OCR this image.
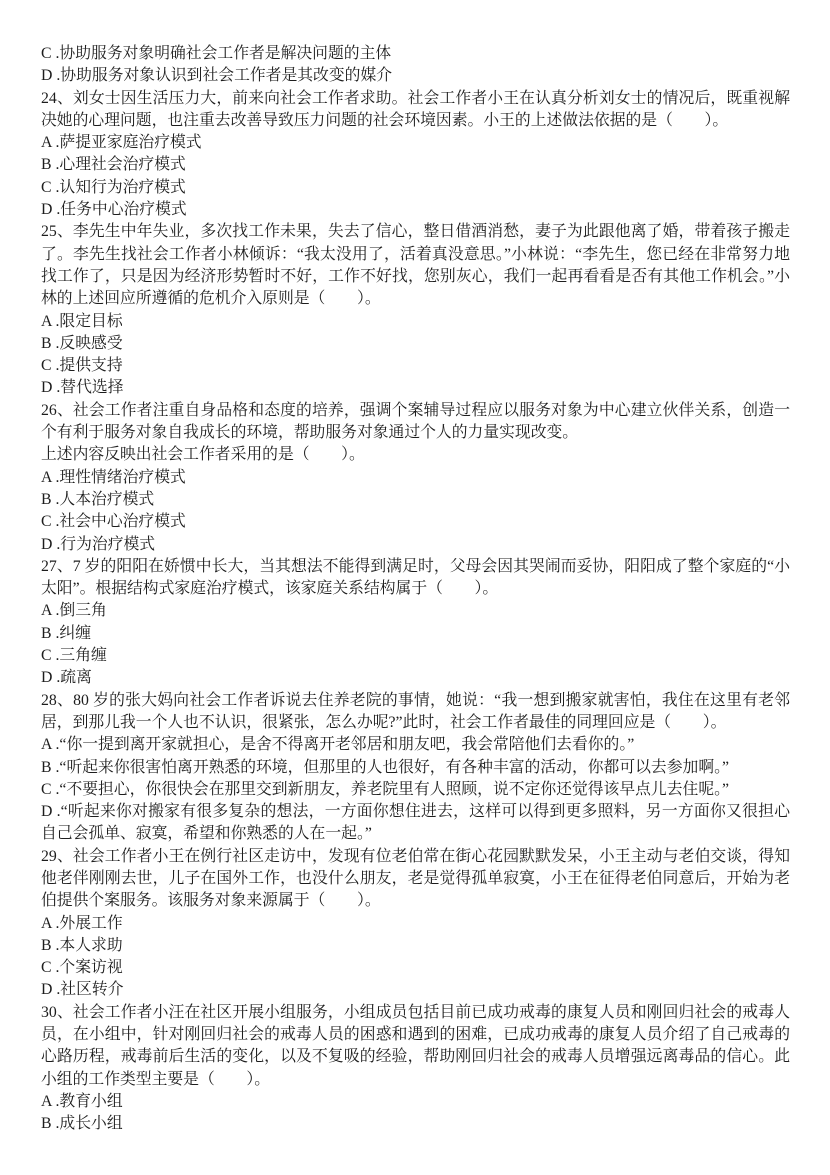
C .协助服务对象明确社会工作者是解决问题的主体

D .协助服务对象认识到社会工作者是其改变的媒介

24、刘女士因生活压力大，前来向社会工作者求助。社会工作者小王在认真分析刘女士的情况后，既重视解决她的心理问题，也注重去改善导致压力问题的社会环境因素。小王的上述做法依据的是（　　）。

A .萨提亚家庭治疗模式

B .心理社会治疗模式

C .认知行为治疗模式

D .任务中心治疗模式

25、李先生中年失业，多次找工作未果，失去了信心，整日借酒消愁，妻子为此跟他离了婚，带着孩子搬走了。李先生找社会工作者小林倾诉：“我太没用了，活着真没意思。”小林说：“李先生，您已经在非常努力地找工作了，只是因为经济形势暂时不好，工作不好找，您别灰心，我们一起再看看是否有其他工作机会。”小林的上述回应所遵循的危机介入原则是（　　）。

A .限定目标

B .反映感受

C .提供支持

D .替代选择

26、社会工作者注重自身品格和态度的培养，强调个案辅导过程应以服务对象为中心建立伙伴关系，创造一个有利于服务对象自我成长的环境，帮助服务对象通过个人的力量实现改变。

上述内容反映出社会工作者采用的是（　　）。

A .理性情绪治疗模式

B .人本治疗模式

C .社会中心治疗模式

D .行为治疗模式

27、7 岁的阳阳在娇惯中长大，当其想法不能得到满足时，父母会因其哭闹而妥协，阳阳成了整个家庭的“小太阳”。根据结构式家庭治疗模式，该家庭关系结构属于（　　）。

A .倒三角

B .纠缠

C .三角缠

D .疏离

28、80 岁的张大妈向社会工作者诉说去住养老院的事情，她说：“我一想到搬家就害怕，我住在这里有老邻居，到那儿我一个人也不认识，很紧张，怎么办呢?”此时，社会工作者最佳的同理回应是（　　）。

A .“你一提到离开家就担心，是舍不得离开老邻居和朋友吧，我会常陪他们去看你的。”

B .“听起来你很害怕离开熟悉的环境，但那里的人也很好，有各种丰富的活动，你都可以去参加啊。”

C .“不要担心，你很快会在那里交到新朋友，养老院里有人照顾，说不定你还觉得该早点儿去住呢。”

D .“听起来你对搬家有很多复杂的想法，一方面你想住进去，这样可以得到更多照料，另一方面你又很担心自己会孤单、寂寞，希望和你熟悉的人在一起。”

29、社会工作者小王在例行社区走访中，发现有位老伯常在街心花园默默发呆，小王主动与老伯交谈，得知他老伴刚刚去世，儿子在国外工作，也没什么朋友，老是觉得孤单寂寞，小王在征得老伯同意后，开始为老伯提供个案服务。该服务对象来源属于（　　）。

A .外展工作

B .本人求助

C .个案访视

D .社区转介

30、社会工作者小汪在社区开展小组服务，小组成员包括目前已成功戒毒的康复人员和刚回归社会的戒毒人员，在小组中，针对刚回归社会的戒毒人员的困惑和遇到的困难，已成功戒毒的康复人员介绍了自己戒毒的心路历程，戒毒前后生活的变化，以及不复吸的经验，帮助刚回归社会的戒毒人员增强远离毒品的信心。此小组的工作类型主要是（　　）。

A .教育小组

B .成长小组
